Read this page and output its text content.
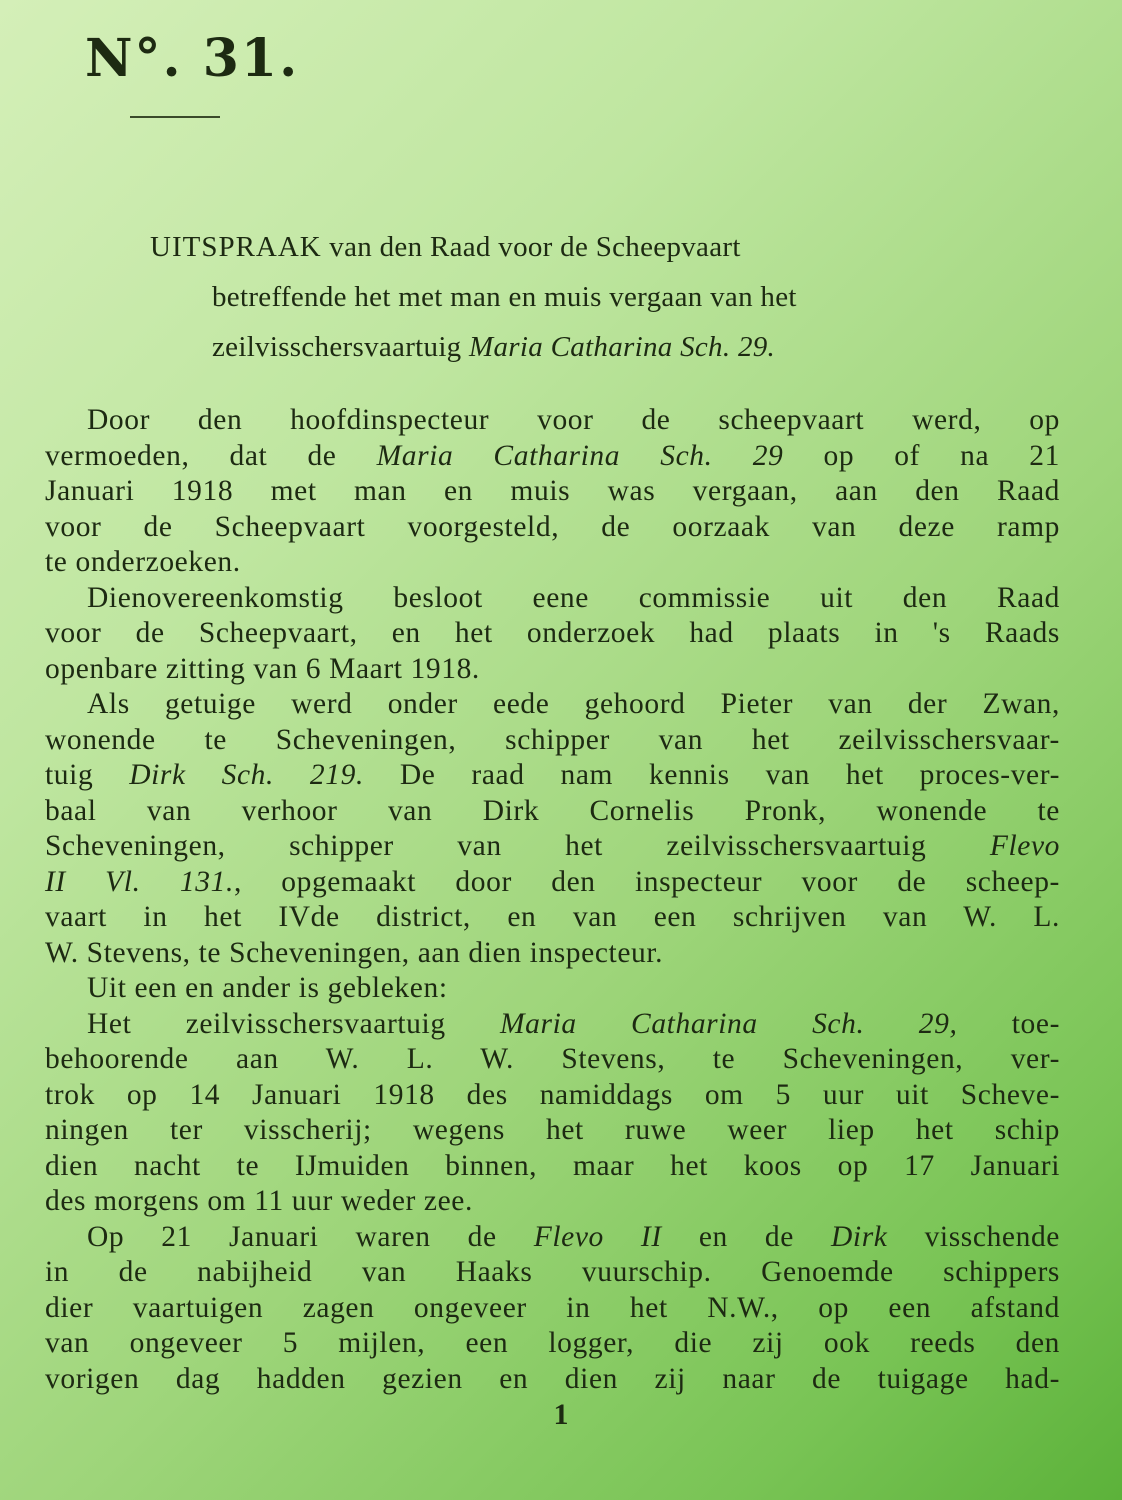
N°. 31.
UITSPRAAK van den Raad voor de Scheepvaart
betreffende het met man en muis vergaan van het
zeilvisschersvaartuig Maria Catharina Sch. 29.
Door den hoofdinspecteur voor de scheepvaart werd, op
vermoeden, dat de Maria Catharina Sch. 29 op of na 21
Januari 1918 met man en muis was vergaan, aan den Raad
voor de Scheepvaart voorgesteld, de oorzaak van deze ramp
te onderzoeken.
Dienovereenkomstig besloot eene commissie uit den Raad
voor de Scheepvaart, en het onderzoek had plaats in 's Raads
openbare zitting van 6 Maart 1918.
Als getuige werd onder eede gehoord Pieter van der Zwan,
wonende te Scheveningen, schipper van het zeilvisschersvaar-
tuig Dirk Sch. 219. De raad nam kennis van het proces-ver-
baal van verhoor van Dirk Cornelis Pronk, wonende te
Scheveningen, schipper van het zeilvisschersvaartuig Flevo
II Vl. 131., opgemaakt door den inspecteur voor de scheep-
vaart in het IVde district, en van een schrijven van W. L.
W. Stevens, te Scheveningen, aan dien inspecteur.
Uit een en ander is gebleken:
Het zeilvisschersvaartuig Maria Catharina Sch. 29, toe-
behoorende aan W. L. W. Stevens, te Scheveningen, ver-
trok op 14 Januari 1918 des namiddags om 5 uur uit Scheve-
ningen ter visscherij; wegens het ruwe weer liep het schip
dien nacht te IJmuiden binnen, maar het koos op 17 Januari
des morgens om 11 uur weder zee.
Op 21 Januari waren de Flevo II en de Dirk visschende
in de nabijheid van Haaks vuurschip. Genoemde schippers
dier vaartuigen zagen ongeveer in het N.W., op een afstand
van ongeveer 5 mijlen, een logger, die zij ook reeds den
vorigen dag hadden gezien en dien zij naar de tuigage had-
1
